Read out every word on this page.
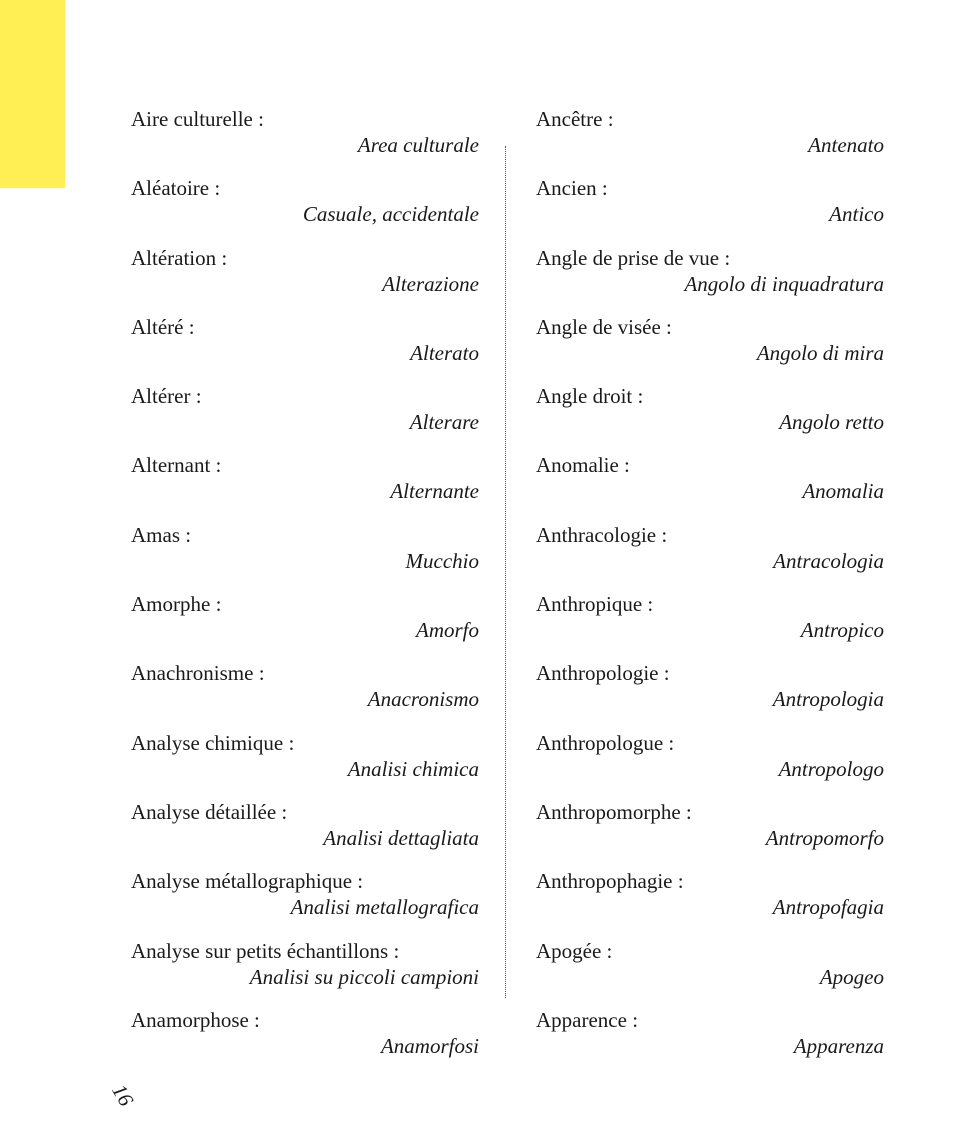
Aire culturelle :
Area culturale
Aléatoire :
Casuale, accidentale
Altération :
Alterazione
Altéré :
Alterato
Altérer :
Alterare
Alternant :
Alternante
Amas :
Mucchio
Amorphe :
Amorfo
Anachronisme :
Anacronismo
Analyse chimique :
Analisi chimica
Analyse détaillée :
Analisi dettagliata
Analyse métallographique :
Analisi metallografica
Analyse sur petits échantillons :
Analisi su piccoli campioni
Anamorphose :
Anamorfosi
Ancêtre :
Antenato
Ancien :
Antico
Angle de prise de vue :
Angolo di inquadratura
Angle de visée :
Angolo di mira
Angle droit :
Angolo retto
Anomalie :
Anomalia
Anthracologie :
Antracologia
Anthropique :
Antropico
Anthropologie :
Antropologia
Anthropologue :
Antropologo
Anthropomorphe :
Antropomorfo
Anthropophagie :
Antropofagia
Apogée :
Apogeo
Apparence :
Apparenza
16
